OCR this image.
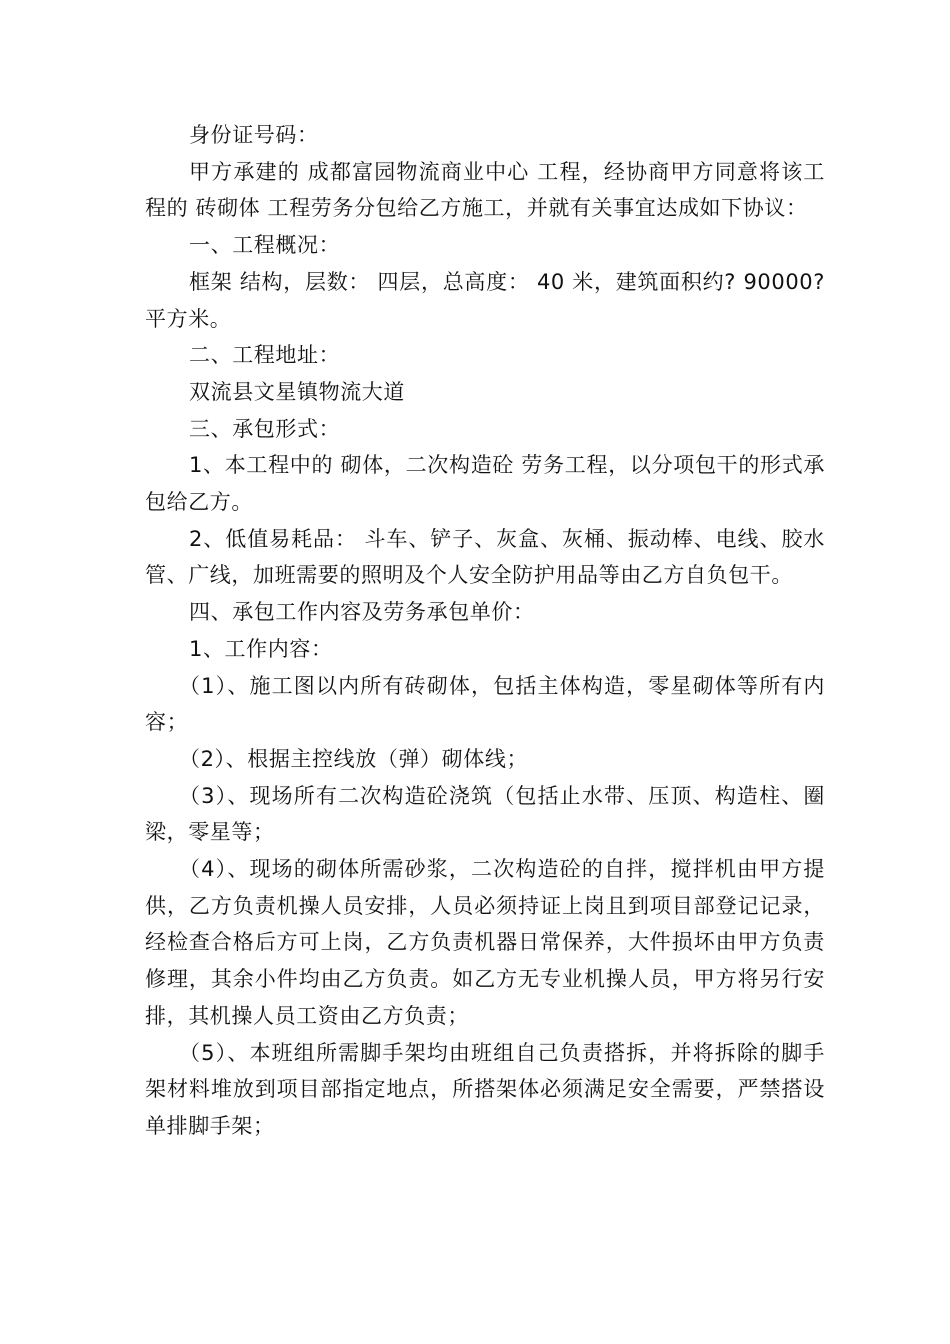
身份证号码：

甲方承建的 成都富园物流商业中心 工程，经协商甲方同意将该工程的 砖砌体 工程劳务分包给乙方施工，并就有关事宜达成如下协议：

一、工程概况：

框架 结构，层数： 四层，总高度： 40 米，建筑面积约? 90000? 平方米。

二、工程地址：

双流县文星镇物流大道

三、承包形式：

1、本工程中的 砌体，二次构造砼 劳务工程，以分项包干的形式承包给乙方。

2、低值易耗品： 斗车、铲子、灰盒、灰桶、振动棒、电线、胶水管、广线，加班需要的照明及个人安全防护用品等由乙方自负包干。

四、承包工作内容及劳务承包单价：

1、工作内容：

（1）、施工图以内所有砖砌体，包括主体构造，零星砌体等所有内容；

（2）、根据主控线放（弹）砌体线；

（3）、现场所有二次构造砼浇筑（包括止水带、压顶、构造柱、圈梁，零星等；

（4）、现场的砌体所需砂浆，二次构造砼的自拌，搅拌机由甲方提供，乙方负责机操人员安排，人员必须持证上岗且到项目部登记记录，经检查合格后方可上岗，乙方负责机器日常保养，大件损坏由甲方负责修理，其余小件均由乙方负责。如乙方无专业机操人员，甲方将另行安排，其机操人员工资由乙方负责；

（5）、本班组所需脚手架均由班组自己负责搭拆，并将拆除的脚手架材料堆放到项目部指定地点，所搭架体必须满足安全需要，严禁搭设单排脚手架；
